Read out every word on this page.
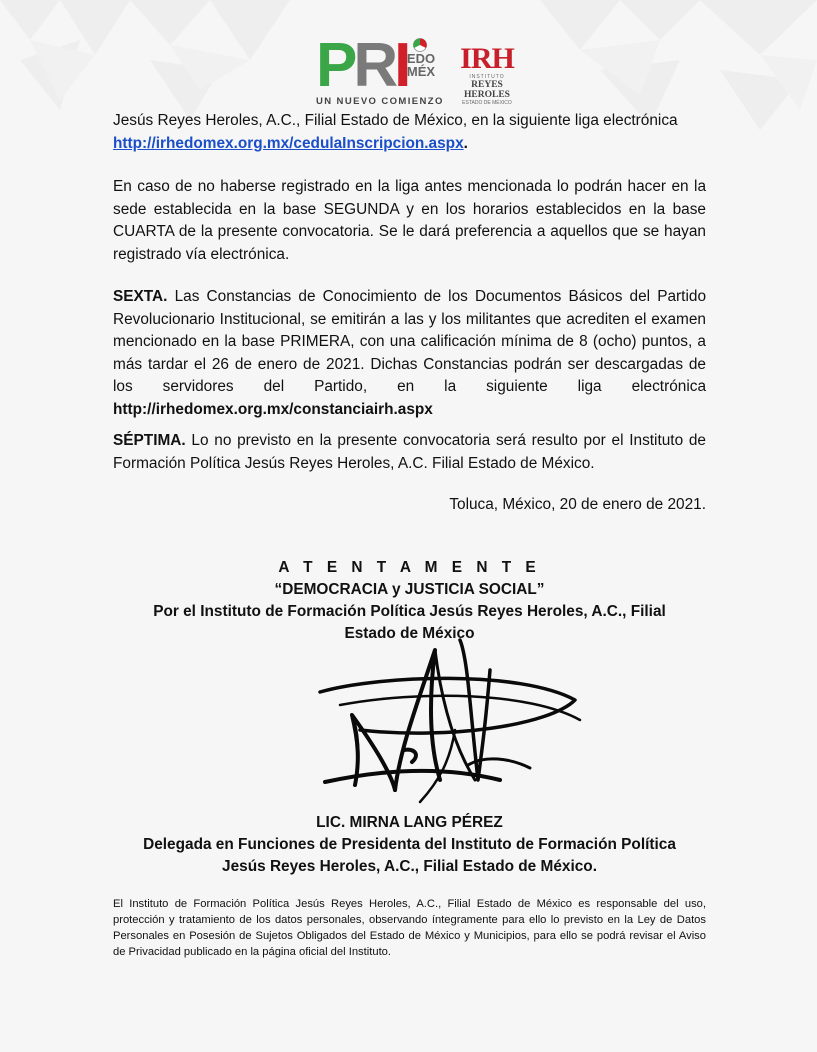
P R I EDO
MÉX
UN NUEVO COMIENZO
IRH
INSTITUTO
REYES HEROLES
ESTADO DE MÉXICO
Jesús Reyes Heroles, A.C., Filial Estado de México, en la siguiente liga electrónica
http://irhedomex.org.mx/cedulaInscripcion.aspx.
En caso de no haberse registrado en la liga antes mencionada lo podrán hacer en la sede establecida en la base SEGUNDA y en los horarios establecidos en la base CUARTA de la presente convocatoria. Se le dará preferencia a aquellos que se hayan registrado vía electrónica.
SEXTA. Las Constancias de Conocimiento de los Documentos Básicos del Partido Revolucionario Institucional, se emitirán a las y los militantes que acrediten el examen mencionado en la base PRIMERA, con una calificación mínima de 8 (ocho) puntos, a más tardar el 26 de enero de 2021. Dichas Constancias podrán ser descargadas de los servidores del Partido, en la siguiente liga electrónica http://irhedomex.org.mx/constanciairh.aspx
SÉPTIMA. Lo no previsto en la presente convocatoria será resulto por el Instituto de Formación Política Jesús Reyes Heroles, A.C. Filial Estado de México.
Toluca, México, 20 de enero de 2021.
A T E N T A M E N T E
“DEMOCRACIA y JUSTICIA SOCIAL”
Por el Instituto de Formación Política Jesús Reyes Heroles, A.C., Filial
Estado de México
LIC. MIRNA LANG PÉREZ
Delegada en Funciones de Presidenta del Instituto de Formación Política
Jesús Reyes Heroles, A.C., Filial Estado de México.
El Instituto de Formación Política Jesús Reyes Heroles, A.C., Filial Estado de México es responsable del uso, protección y tratamiento de los datos personales, observando íntegramente para ello lo previsto en la Ley de Datos Personales en Posesión de Sujetos Obligados del Estado de México y Municipios, para ello se podrá revisar el Aviso de Privacidad publicado en la página oficial del Instituto.
